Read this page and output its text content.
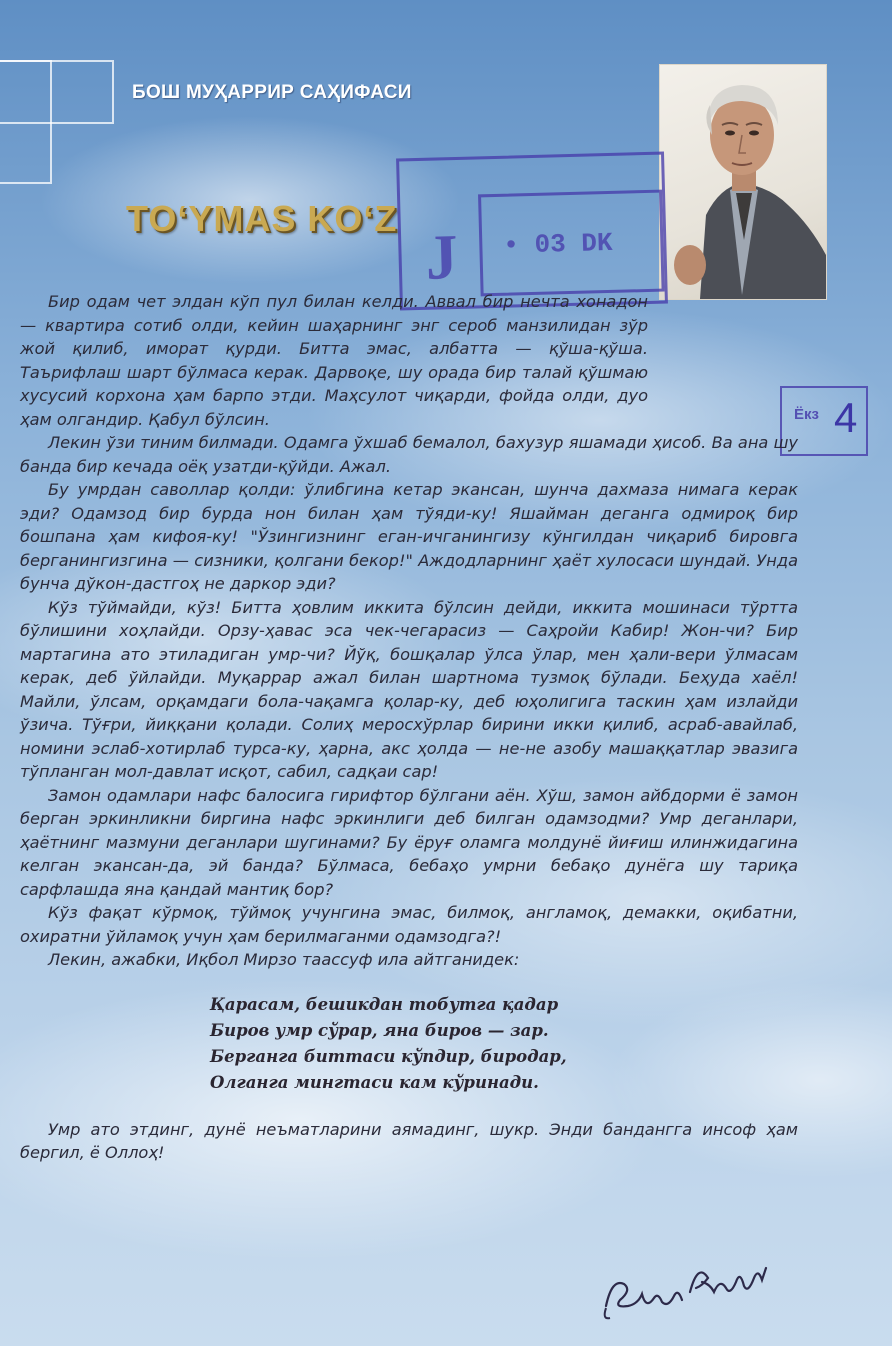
БОШ МУҲАРРИР САҲИФАСИ
TO‘YMAS KO‘Z
J • 03 DK
Ёкз 4

Бир одам чет элдан кўп пул билан келди. Аввал бир нечта хонадон — квартира сотиб олди, кейин шаҳарнинг энг сероб манзилидан зўр жой қилиб, иморат қурди. Битта эмас, албатта — қўша-қўша. Таърифлаш шарт бўлмаса керак. Дарвоқе, шу орада бир талай қўшмаю хусусий корхона ҳам барпо этди. Маҳсулот чиқарди, фойда олди, дуо ҳам олгандир. Қабул бўлсин.

Лекин ўзи тиним билмади. Одамга ўхшаб бемалол, бахузур яшамади ҳисоб. Ва ана шу банда бир кечада оёқ узатди-қўйди. Ажал.

Бу умрдан саволлар қолди: ўлибгина кетар экансан, шунча дахмаза нимага керак эди? Одамзод бир бурда нон билан ҳам тўяди-ку! Яшайман деганга одмироқ бир бошпана ҳам кифоя-ку! "Ўзингизнинг еган-ичганингизу кўнгилдан чиқариб бировга берганингизгина — сизники, қолгани бекор!" Аждодларнинг ҳаёт хулосаси шундай. Унда бунча дўкон-дастгоҳ не даркор эди?

Кўз тўймайди, кўз! Битта ҳовлим иккита бўлсин дейди, иккита мошинаси тўртта бўлишини хоҳлайди. Орзу-ҳавас эса чек-чегарасиз — Саҳройи Кабир! Жон-чи? Бир мартагина ато этиладиган умр-чи? Йўқ, бошқалар ўлса ўлар, мен ҳали-вери ўлмасам керак, деб ўйлайди. Муқаррар ажал билан шартнома тузмоқ бўлади. Беҳуда хаёл! Майли, ўлсам, орқамдаги бола-чақамга қолар-ку, деб юҳолигига таскин ҳам излайди ўзича. Тўғри, йиққани қолади. Солиҳ меросхўрлар бирини икки қилиб, асраб-авайлаб, номини эслаб-хотирлаб турса-ку, ҳарна, акс ҳолда — не-не азобу машаққатлар эвазига тўпланган мол-давлат исқот, сабил, садқаи сар!

Замон одамлари нафс балосига гирифтор бўлгани аён. Хўш, замон айбдорми ё замон берган эркинликни биргина нафс эркинлиги деб билган одамзодми? Умр деганлари, ҳаётнинг мазмуни деганлари шугинами? Бу ёруғ оламга молдунё йиғиш илинжидагина келган экансан-да, эй банда? Бўлмаса, бебаҳо умрни бебақо дунёга шу тариқа сарфлашда яна қандай мантиқ бор?

Кўз фақат кўрмоқ, тўймоқ учунгина эмас, билмоқ, англамоқ, демакки, оқибатни, охиратни ўйламоқ учун ҳам берилмаганми одамзодга?!

Лекин, ажабки, Иқбол Мирзо таассуф ила айтганидек:

Қарасам, бешикдан тобутга қадар
Биров умр сўрар, яна биров — зар.
Берганга биттаси кўпдир, биродар,
Олганга мингтаси кам кўринади.

Умр ато этдинг, дунё неъматларини аямадинг, шукр. Энди бандангга инсоф ҳам бергил, ё Оллоҳ!
